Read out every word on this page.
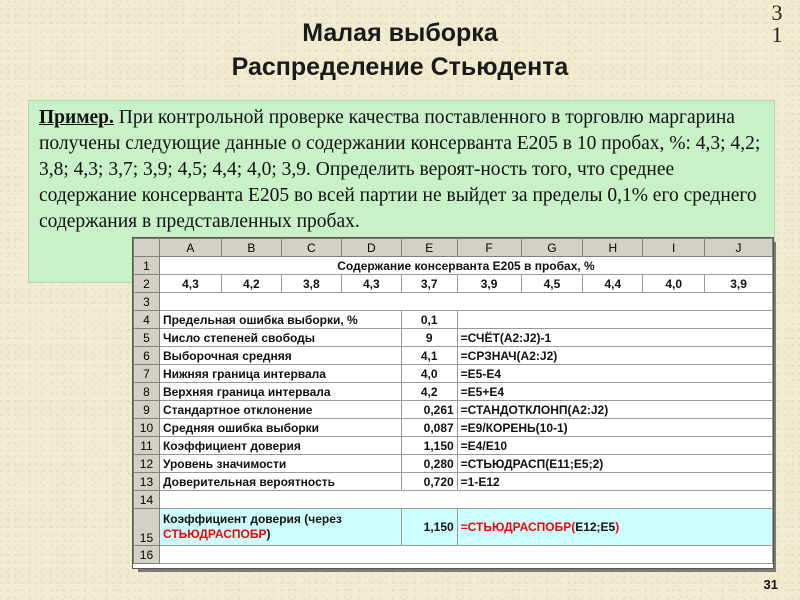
3
1
Малая выборка
Распределение Стьюдента
Пример. При контрольной проверке качества поставленного в торговлю маргарина получены следующие данные о содержании консерванта Е205 в 10 пробах, %: 4,3; 4,2; 3,8; 4,3; 3,7; 3,9; 4,5; 4,4; 4,0; 3,9. Определить вероят-ность того, что среднее содержание консерванта Е205 во всей партии не выйдет за пределы 0,1% его среднего содержания в представленных пробах.
	A	B	C	D	E	F	G	H	I	J
1	Содержание консерванта Е205 в пробах, %									
2	4,3	4,2	3,8	4,3	3,7	3,9	4,5	4,4	4,0	3,9
3										
4	Предельная ошибка выборки, %				0,1					
5	Число степеней свободы				9	=СЧЁТ(А2:J2)-1				
6	Выборочная средняя				4,1	=СРЗНАЧ(А2:J2)				
7	Нижняя граница интервала				4,0	=Е5-Е4				
8	Верхняя граница интервала				4,2	=Е5+Е4				
9	Стандартное отклонение				0,261	=СТАНДОТКЛОНП(А2:J2)				
10	Средняя ошибка выборки				0,087	=Е9/КОРЕНЬ(10-1)				
11	Коэффициент доверия				1,150	=Е4/Е10				
12	Уровень значимости				0,280	=СТЬЮДРАСП(Е11;Е5;2)				
13	Доверительная вероятность				0,720	=1-Е12				
14										
15	Коэффициент доверия (через СТЬЮДРАСПОБР)				1,150	=СТЬЮДРАСПОБР(Е12;Е5)				
16										
31
